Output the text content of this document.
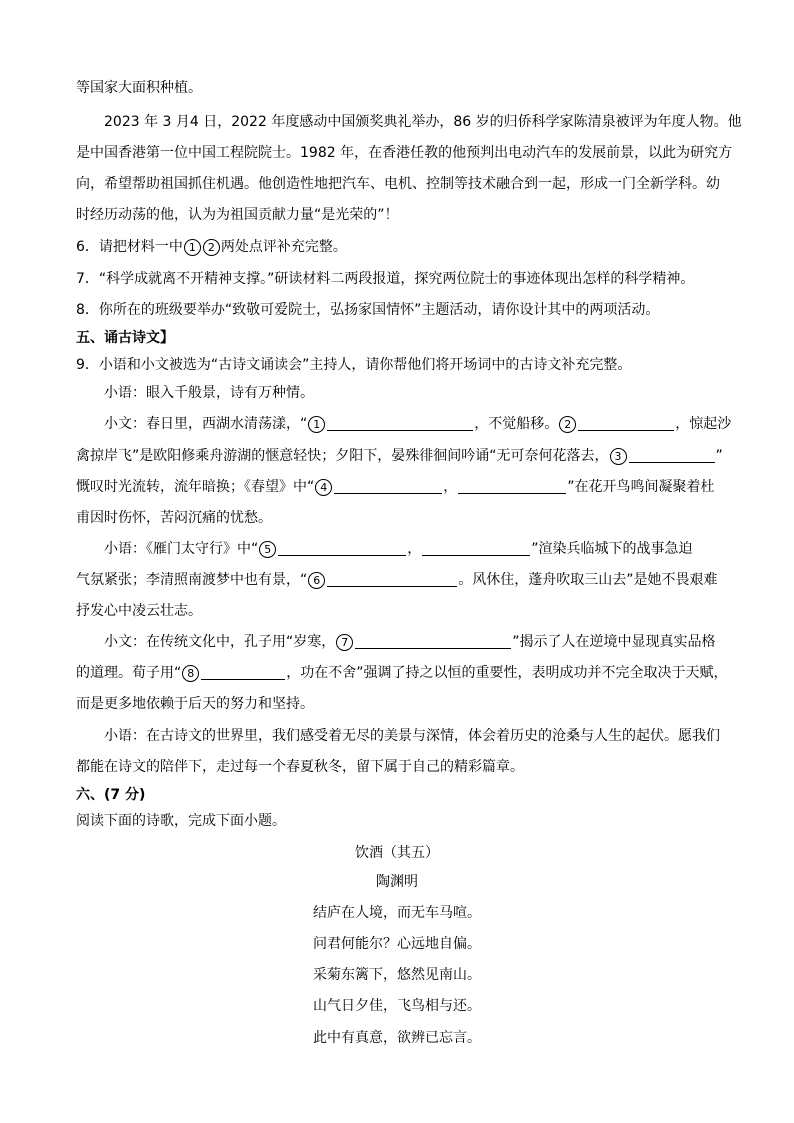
等国家大面积种植。
2023 年 3 月4 日，2022 年度感动中国颁奖典礼举办，86 岁的归侨科学家陈清泉被评为年度人物。他
是中国香港第一位中国工程院院士。1982 年，在香港任教的他预判出电动汽车的发展前景，以此为研究方
向，希望帮助祖国抓住机遇。他创造性地把汽车、电机、控制等技术融合到一起，形成一门全新学科。幼
时经历动荡的他，认为为祖国贡献力量“是光荣的”！
6．请把材料一中 1 2 两处点评补充完整。
7．“科学成就离不开精神支撑。”研读材料二两段报道，探究两位院士的事迹体现出怎样的科学精神。
8．你所在的班级要举办“致敬可爱院士，弘扬家国情怀”主题活动，请你设计其中的两项活动。
五、诵古诗文】
9．小语和小文被选为“古诗文诵读会”主持人，请你帮他们将开场词中的古诗文补充完整。
小语：眼入千般景，诗有万种情。
小文：春日里，西湖水清荡漾，“ 1	，不觉船移。 2	，惊起沙
禽掠岸飞”是欧阳修乘舟游湖的惬意轻快；夕阳下，晏殊徘徊间吟诵“无可奈何花落去， 3	”
慨叹时光流转，流年暗换；《春望》中“ 4	，	”在花开鸟鸣间凝聚着杜
甫因时伤怀，苦闷沉痛的忧愁。
小语：《雁门太守行》中“ 5	，	”渲染兵临城下的战事急迫
气氛紧张；李清照南渡梦中也有景，“ 6	。风休住，蓬舟吹取三山去”是她不畏艰难
抒发心中凌云壮志。
小文：在传统文化中，孔子用“岁寒， 7	”揭示了人在逆境中显现真实品格
的道理。荀子用“ 8	，功在不舍”强调了持之以恒的重要性，表明成功并不完全取决于天赋，
而是更多地依赖于后天的努力和坚持。
小语：在古诗文的世界里，我们感受着无尽的美景与深情，体会着历史的沧桑与人生的起伏。愿我们
都能在诗文的陪伴下，走过每一个春夏秋冬，留下属于自己的精彩篇章。
六、(7 分)
阅读下面的诗歌，完成下面小题。
饮酒（其五）
陶渊明
结庐在人境，而无车马喧。
问君何能尔？心远地自偏。
采菊东篱下，悠然见南山。
山气日夕佳，飞鸟相与还。
此中有真意，欲辨已忘言。
